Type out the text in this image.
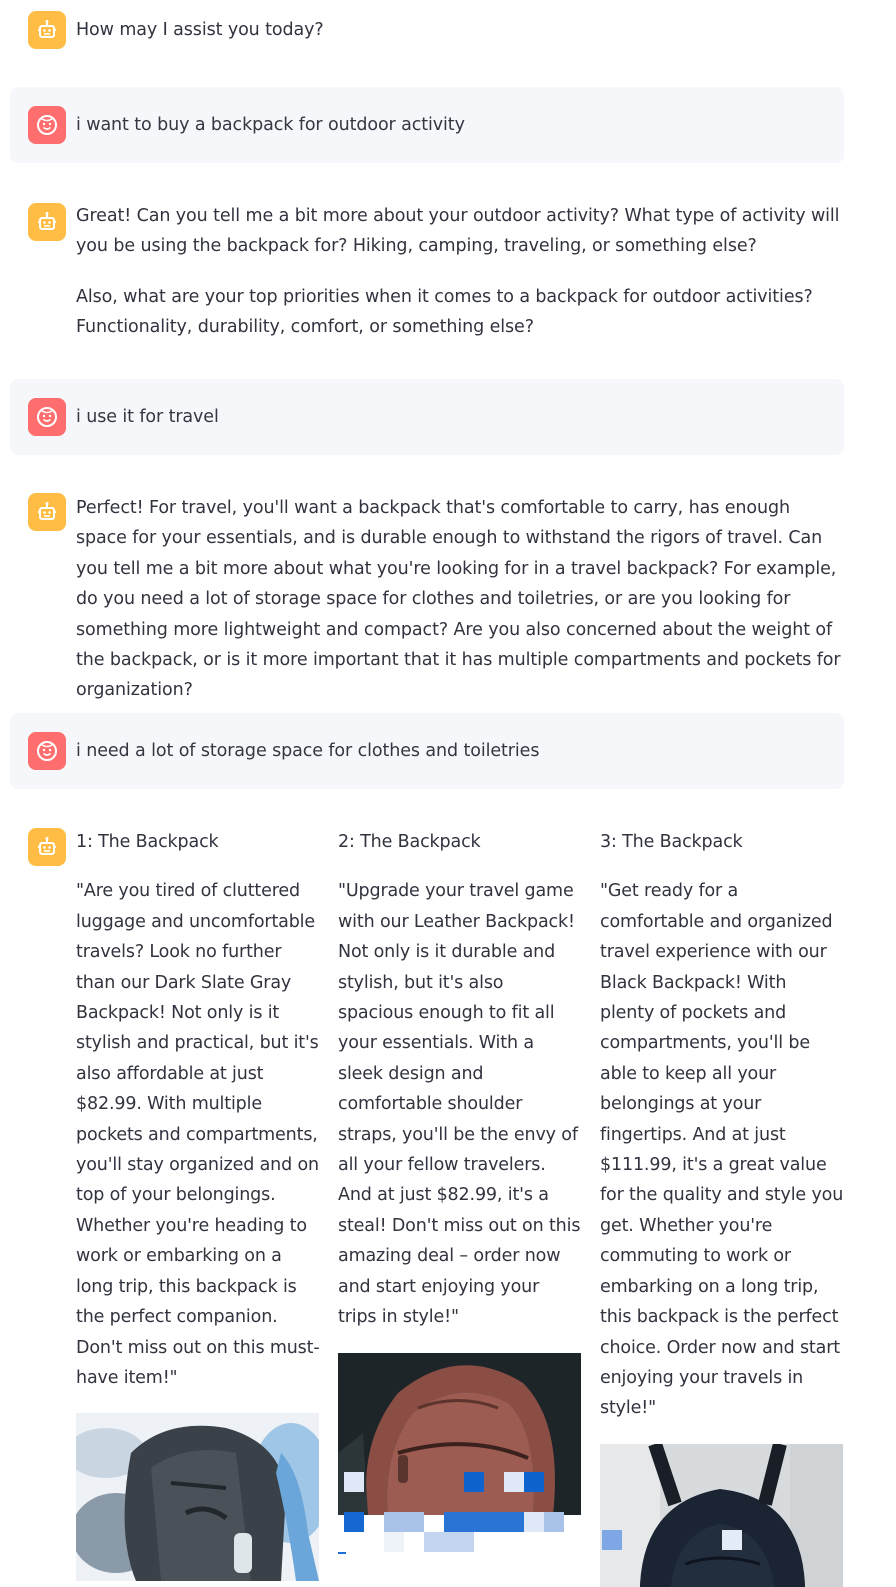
How may I assist you today?
i want to buy a backpack for outdoor activity

Great! Can you tell me a bit more about your outdoor activity? What type of activity will you be using the backpack for? Hiking, camping, traveling, or something else?

Also, what are your top priorities when it comes to a backpack for outdoor activities? Functionality, durability, comfort, or something else?

i use it for travel
Perfect! For travel, you'll want a backpack that's comfortable to carry, has enough space for your essentials, and is durable enough to withstand the rigors of travel. Can you tell me a bit more about what you're looking for in a travel backpack? For example, do you need a lot of storage space for clothes and toiletries, or are you looking for something more lightweight and compact? Are you also concerned about the weight of the backpack, or is it more important that it has multiple compartments and pockets for organization?
i need a lot of storage space for clothes and toiletries
1: The Backpack
"Are you tired of cluttered luggage and uncomfortable travels? Look no further than our Dark Slate Gray Backpack! Not only is it stylish and practical, but it's also affordable at just $82.99. With multiple pockets and compartments, you'll stay organized and on top of your belongings. Whether you're heading to work or embarking on a long trip, this backpack is the perfect companion. Don't miss out on this must-have item!"
2: The Backpack
"Upgrade your travel game with our Leather Backpack! Not only is it durable and stylish, but it's also spacious enough to fit all your essentials. With a sleek design and comfortable shoulder straps, you'll be the envy of all your fellow travelers. And at just $82.99, it's a steal! Don't miss out on this amazing deal – order now and start enjoying your trips in style!"
3: The Backpack
"Get ready for a comfortable and organized travel experience with our Black Backpack! With plenty of pockets and compartments, you'll be able to keep all your belongings at your fingertips. And at just $111.99, it's a great value for the quality and style you get. Whether you're commuting to work or embarking on a long trip, this backpack is the perfect choice. Order now and start enjoying your travels in style!"
